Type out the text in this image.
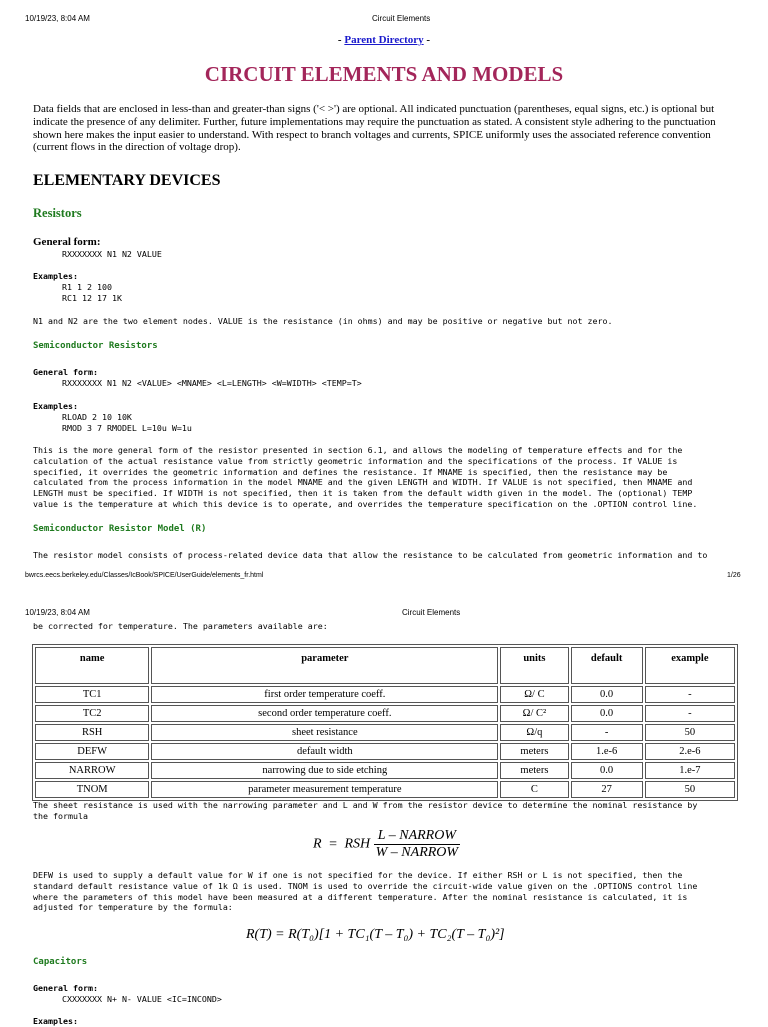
10/19/23, 8:04 AM	Circuit Elements
- Parent Directory -
CIRCUIT ELEMENTS AND MODELS
Data fields that are enclosed in less-than and greater-than signs ('< >') are optional. All indicated punctuation (parentheses, equal signs, etc.) is optional but indicate the presence of any delimiter. Further, future implementations may require the punctuation as stated. A consistent style adhering to the punctuation shown here makes the input easier to understand. With respect to branch voltages and currents, SPICE uniformly uses the associated reference convention (current flows in the direction of voltage drop).
ELEMENTARY DEVICES
Resistors
General form:
RXXXXXXX N1 N2 VALUE
Examples:
R1 1 2 100
RC1 12 17 1K
N1 and N2 are the two element nodes. VALUE is the resistance (in ohms) and may be positive or negative but not zero.
Semiconductor Resistors
General form:
RXXXXXXX N1 N2 <VALUE> <MNAME> <L=LENGTH> <W=WIDTH> <TEMP=T>
Examples:
RLOAD 2 10 10K
RMOD 3 7 RMODEL L=10u W=1u
This is the more general form of the resistor presented in section 6.1, and allows the modeling of temperature effects and for the
calculation of the actual resistance value from strictly geometric information and the specifications of the process. If VALUE is
specified, it overrides the geometric information and defines the resistance. If MNAME is specified, then the resistance may be
calculated from the process information in the model MNAME and the given LENGTH and WIDTH. If VALUE is not specified, then MNAME and
LENGTH must be specified. If WIDTH is not specified, then it is taken from the default width given in the model. The (optional) TEMP
value is the temperature at which this device is to operate, and overrides the temperature specification on the .OPTION control line.
Semiconductor Resistor Model (R)
The resistor model consists of process-related device data that allow the resistance to be calculated from geometric information and to
bwrcs.eecs.berkeley.edu/Classes/IcBook/SPICE/UserGuide/elements_fr.html	1/26
10/19/23, 8:04 AM	Circuit Elements
be corrected for temperature. The parameters available are:
name	parameter	units	default	example
TC1	first order temperature coeff.	Ω/ C	0.0	-
TC2	second order temperature coeff.	Ω/ C²	0.0	-
RSH	sheet resistance	Ω/q	-	50
DEFW	default width	meters	1.e-6	2.e-6
NARROW	narrowing due to side etching	meters	0.0	1.e-7
TNOM	parameter measurement temperature	C	27	50
The sheet resistance is used with the narrowing parameter and L and W from the resistor device to determine the nominal resistance by
the formula
R = RSH $\frac{\text{L – NARROW}}{\text{W – NARROW}}$
DEFW is used to supply a default value for W if one is not specified for the device. If either RSH or L is not specified, then the
standard default resistance value of 1k Ω is used. TNOM is used to override the circuit-wide value given on the .OPTIONS control line
where the parameters of this model have been measured at a different temperature. After the nominal resistance is calculated, it is
adjusted for temperature by the formula:
R(T) = R(T₀)[1 + TC₁(T – T₀) + TC₂(T – T₀)²]
Capacitors
General form:
CXXXXXXX N+ N- VALUE <IC=INCOND>
Examples:
